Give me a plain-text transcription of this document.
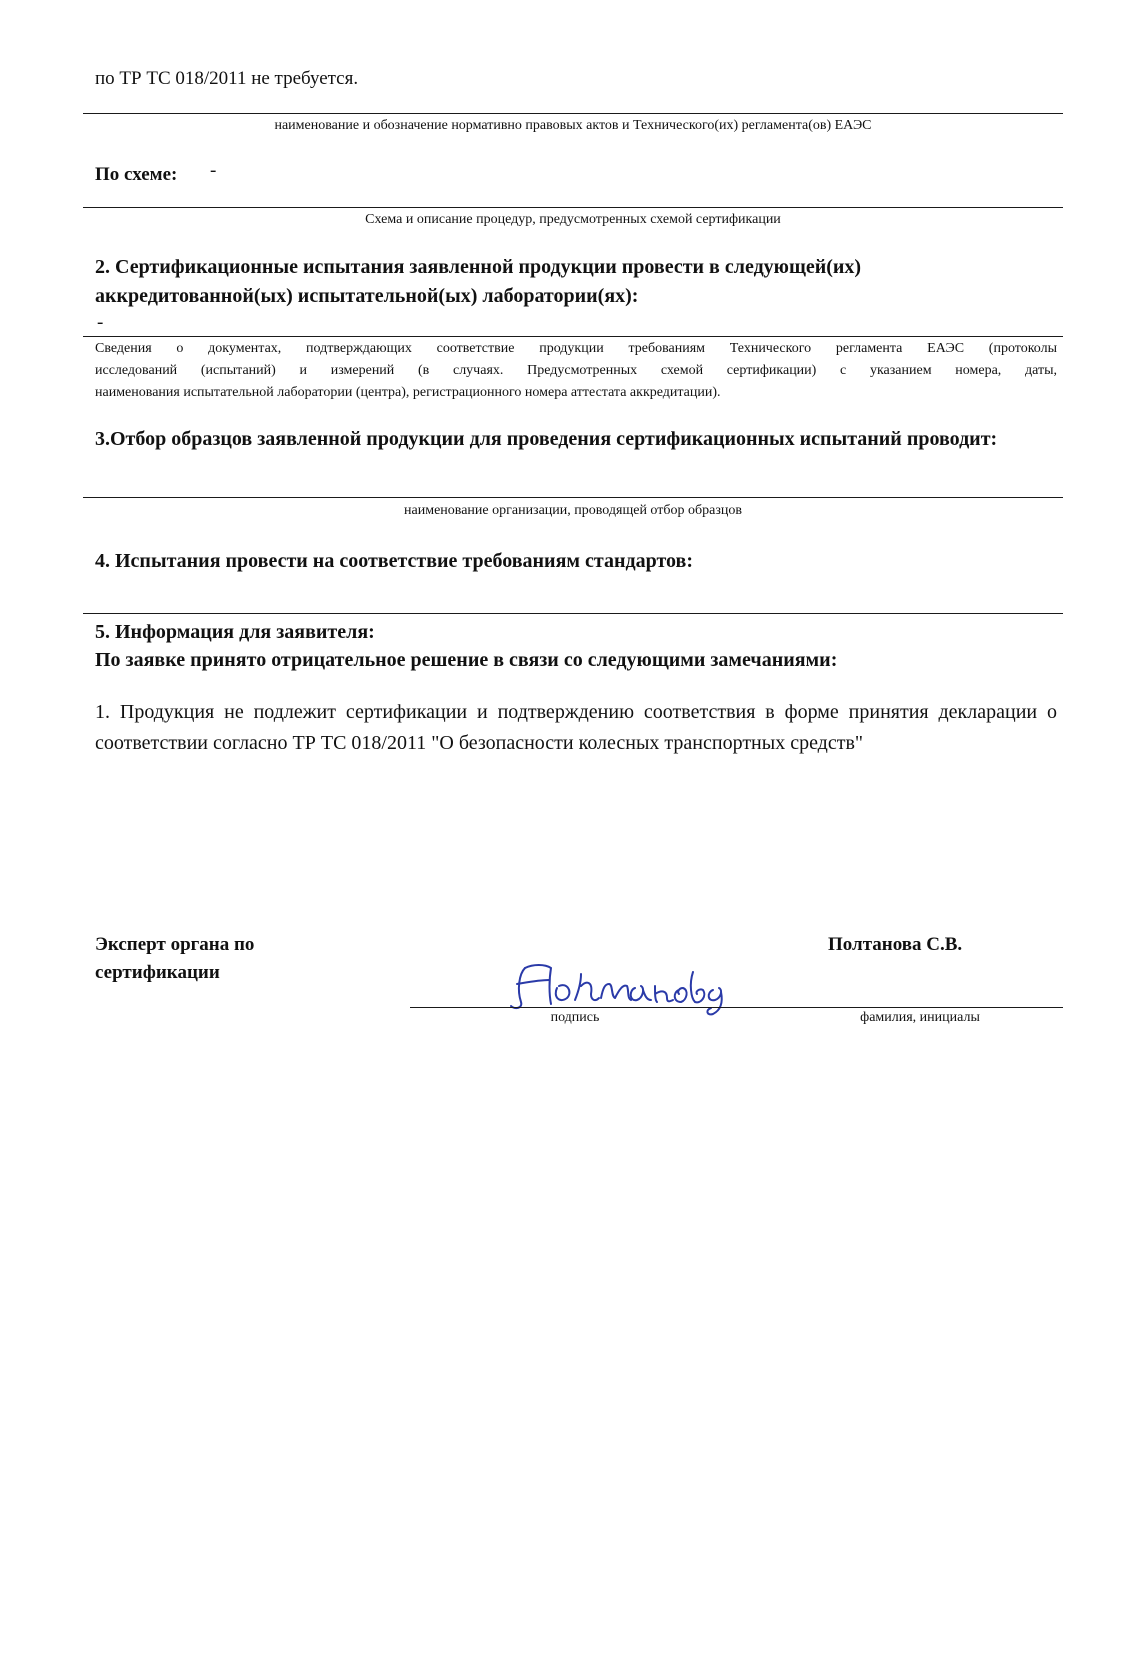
по ТР ТС 018/2011 не требуется.
наименование и обозначение нормативно правовых актов и Технического(их) регламента(ов) ЕАЭС
По схеме: -
Схема и описание процедур, предусмотренных схемой сертификации
2. Сертификационные испытания заявленной продукции провести в следующей(их)
аккредитованной(ых) испытательной(ых) лаборатории(ях):
-
Сведения о документах, подтверждающих соответствие продукции требованиям Технического регламента ЕАЭС (протоколы
исследований (испытаний) и измерений (в случаях. Предусмотренных схемой сертификации) с указанием номера, даты,
наименования испытательной лаборатории (центра), регистрационного номера аттестата аккредитации).
3.Отбор образцов заявленной продукции для проведения сертификационных испытаний проводит:
наименование организации, проводящей отбор образцов
4. Испытания провести на соответствие требованиям стандартов:
5. Информация для заявителя:
По заявке принято отрицательное решение в связи со следующими замечаниями:
1. Продукция не подлежит сертификации и подтверждению соответствия в форме принятия декларации о
соответствии согласно ТР ТС 018/2011 "О безопасности колесных транспортных средств"
Эксперт органа по
сертификации
Полтанова С.В.
подпись	фамилия, инициалы
